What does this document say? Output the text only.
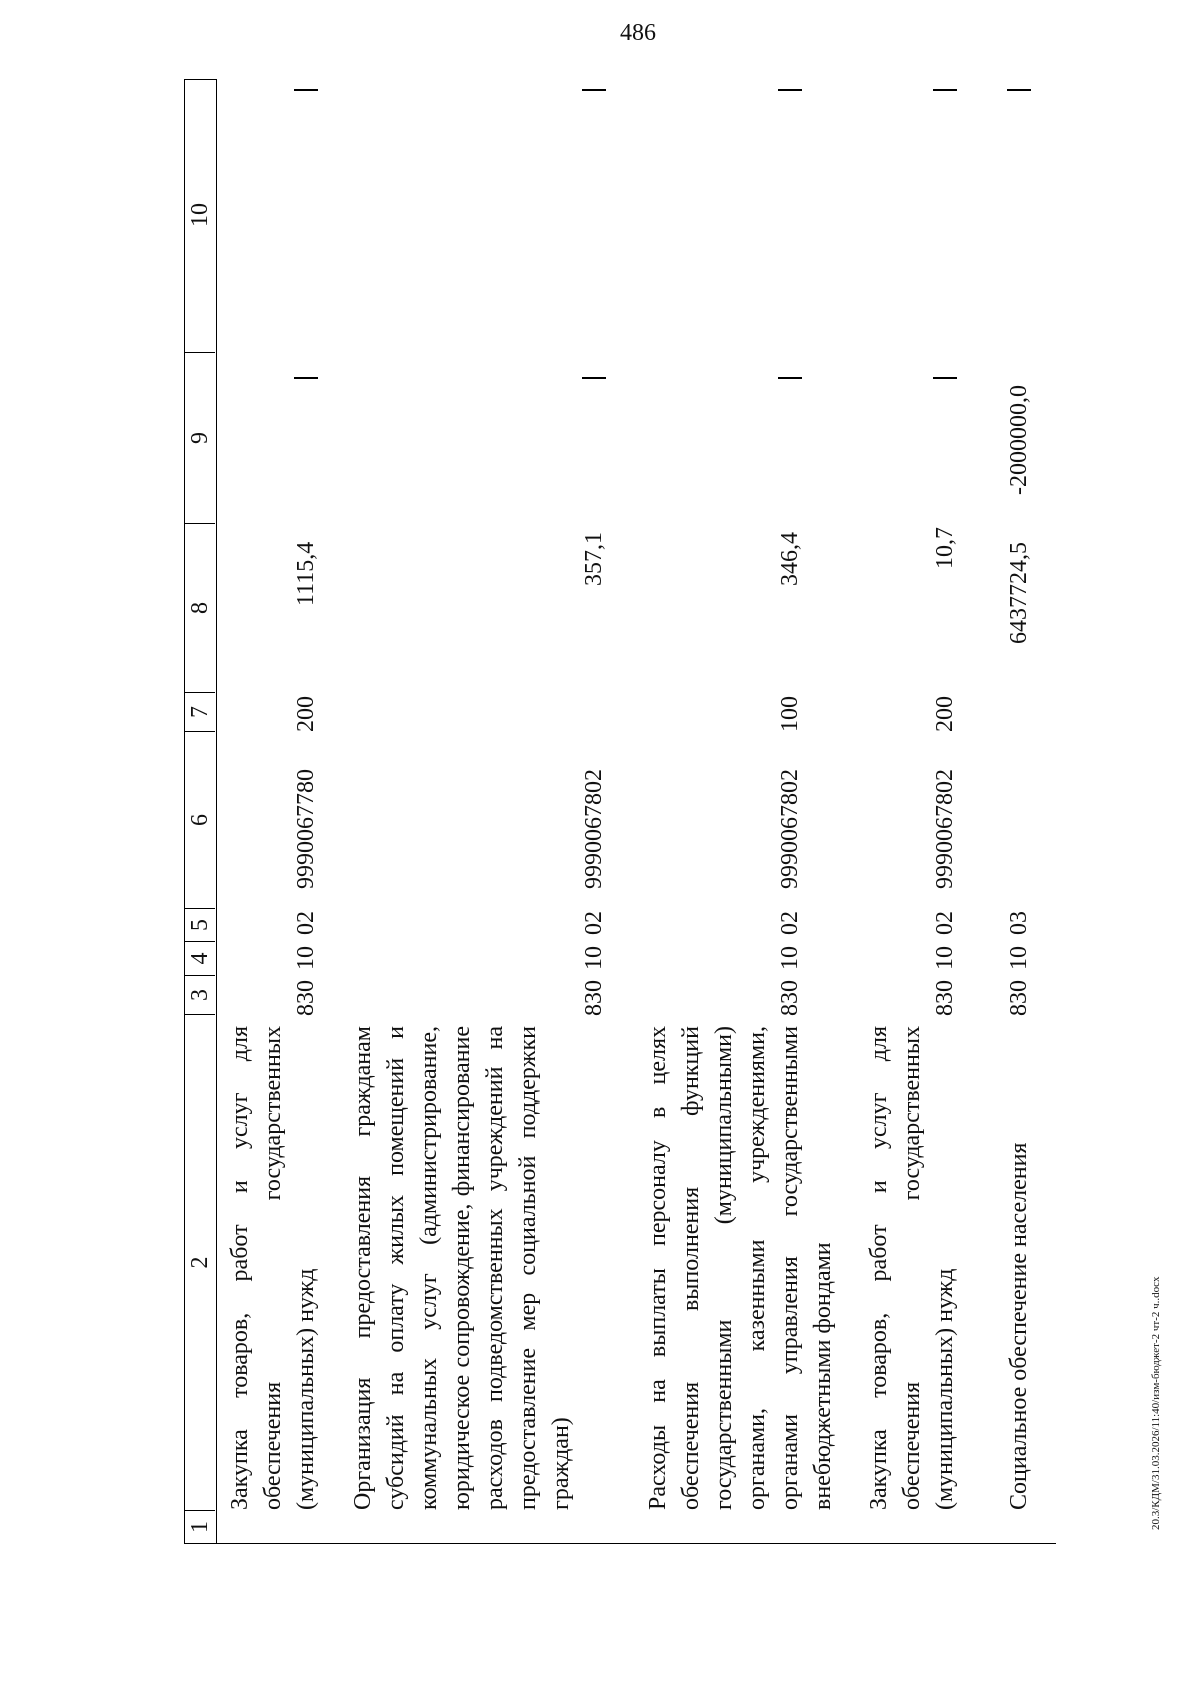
486
20.3/КДМ/31.03.2026/11:40/изм-бюджет-2 чт-2 ч..docx
1
2
3
4
5
6
7
8
9
10
Закупка товаров, работ и услуг для обеспечения государственных (муниципальных) нужд
830
10
02
9990067780
200
1115,4
Организация предоставления гражданам субсидий на оплату жилых помещений и коммунальных услуг (администрирование, юридическое сопровождение, финансирование расходов подведомственных учреждений на предоставление мер социальной поддержки граждан)
830
10
02
9990067802
357,1
Расходы на выплаты персоналу в целях обеспечения выполнения функций государственными (муниципальными) органами, казенными учреждениями, органами управления государственными внебюджетными фондами
830
10
02
9990067802
100
346,4
Закупка товаров, работ и услуг для обеспечения государственных (муниципальных) нужд
830
10
02
9990067802
200
10,7
Социальное обеспечение населения
830
10
03
6437724,5
-2000000,0
